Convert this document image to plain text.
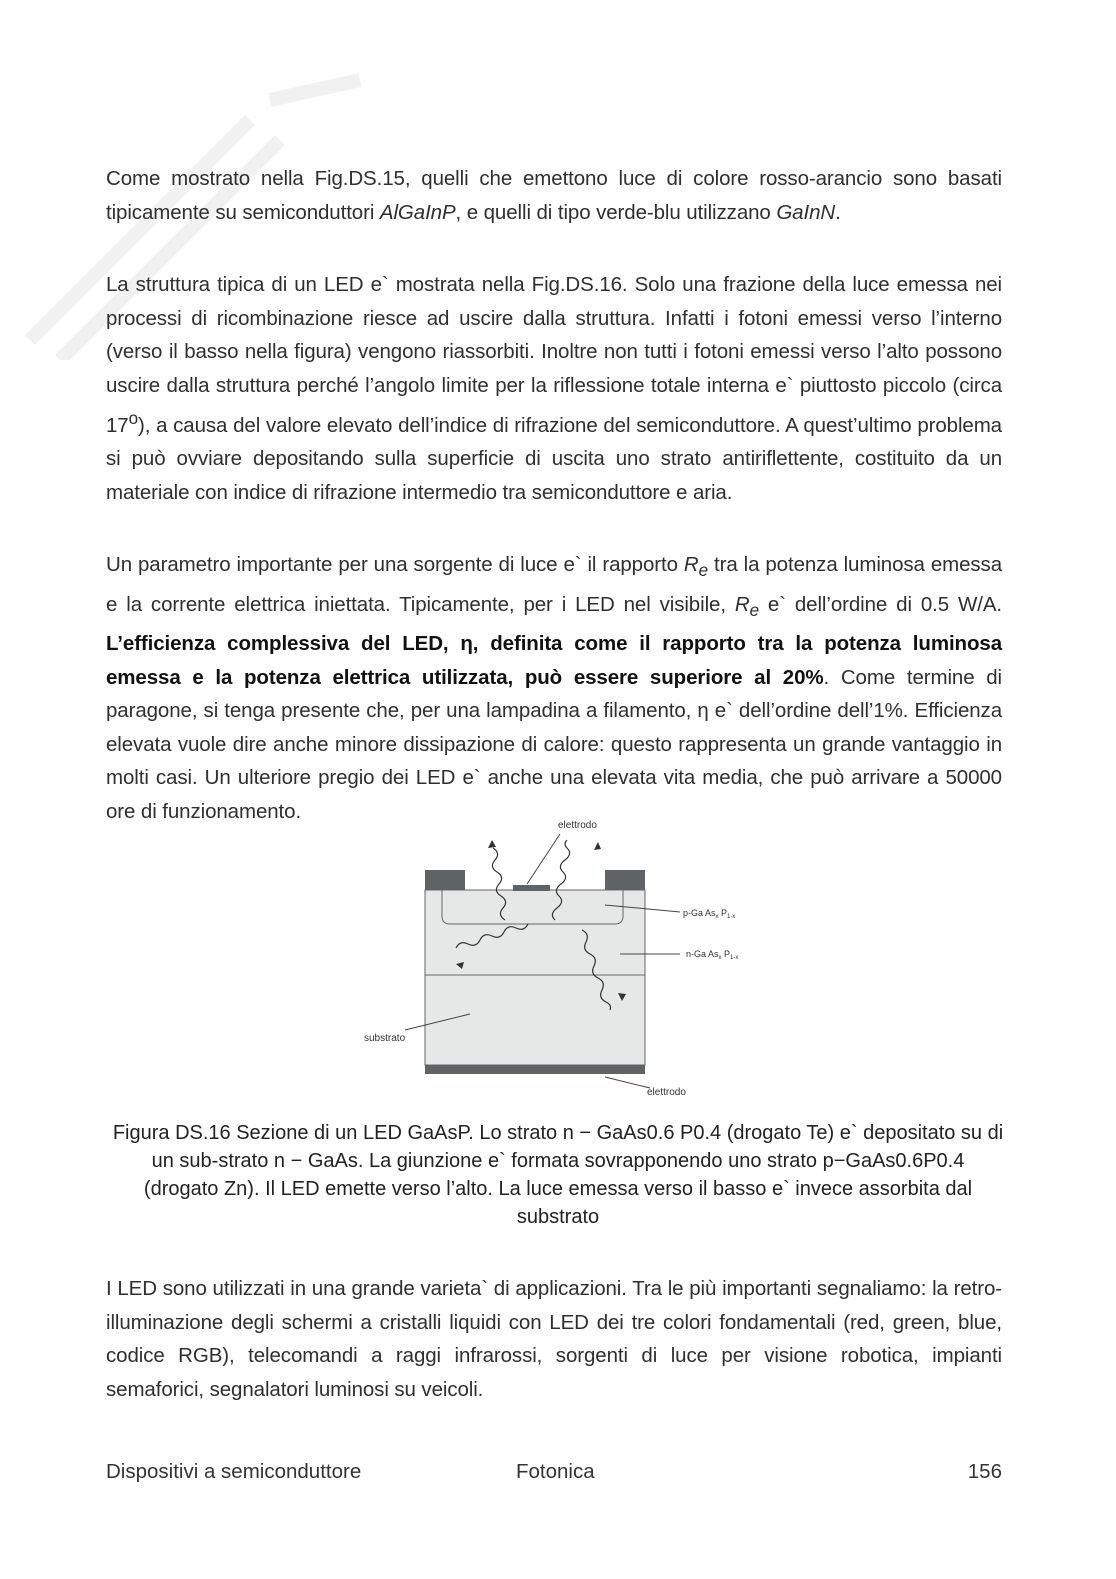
Come mostrato nella Fig.DS.15, quelli che emettono luce di colore rosso-arancio sono basati tipicamente su semiconduttori AlGaInP, e quelli di tipo verde-blu utilizzano GaInN.

La struttura tipica di un LED e` mostrata nella Fig.DS.16. Solo una frazione della luce emessa nei processi di ricombinazione riesce ad uscire dalla struttura. Infatti i fotoni emessi verso l’interno (verso il basso nella figura) vengono riassorbiti. Inoltre non tutti i fotoni emessi verso l’alto possono uscire dalla struttura perché l’angolo limite per la riflessione totale interna e` piuttosto piccolo (circa 17$^o$), a causa del valore elevato dell’indice di rifrazione del semiconduttore. A quest’ultimo problema si può ovviare depositando sulla superficie di uscita uno strato antiriflettente, costituito da un materiale con indice di rifrazione intermedio tra semiconduttore e aria.

Un parametro importante per una sorgente di luce e` il rapporto $R_e$ tra la potenza luminosa emessa e la corrente elettrica iniettata. Tipicamente, per i LED nel visibile, $R_e$ e` dell’ordine di 0.5 W/A. L’efficienza complessiva del LED, η, definita come il rapporto tra la potenza luminosa emessa e la potenza elettrica utilizzata, può essere superiore al 20%. Come termine di paragone, si tenga presente che, per una lampadina a filamento, η e` dell’ordine dell’1%. Efficienza elevata vuole dire anche minore dissipazione di calore: questo rappresenta un grande vantaggio in molti casi. Un ulteriore pregio dei LED e` anche una elevata vita media, che può arrivare a 50000 ore di funzionamento.

elettrodo
p-Ga $As_x$ $P_{1-x}$
n-Ga $As_x$ $P_{1-x}$
substrato
elettrodo
Figura DS.16 Sezione di un LED GaAsP. Lo strato n − GaAs0.6 P0.4 (drogato Te) e` depositato su di un sub-strato n − GaAs. La giunzione e` formata sovrapponendo uno strato p−GaAs0.6P0.4 (drogato Zn). Il LED emette verso l’alto. La luce emessa verso il basso e` invece assorbita dal substrato

I LED sono utilizzati in una grande varieta` di applicazioni. Tra le più importanti segnaliamo: la retro-illuminazione degli schermi a cristalli liquidi con LED dei tre colori fondamentali (red, green, blue, codice RGB), telecomandi a raggi infrarossi, sorgenti di luce per visione robotica, impianti semaforici, segnalatori luminosi su veicoli.

Dispositivi a semiconduttore	Fotonica	156
